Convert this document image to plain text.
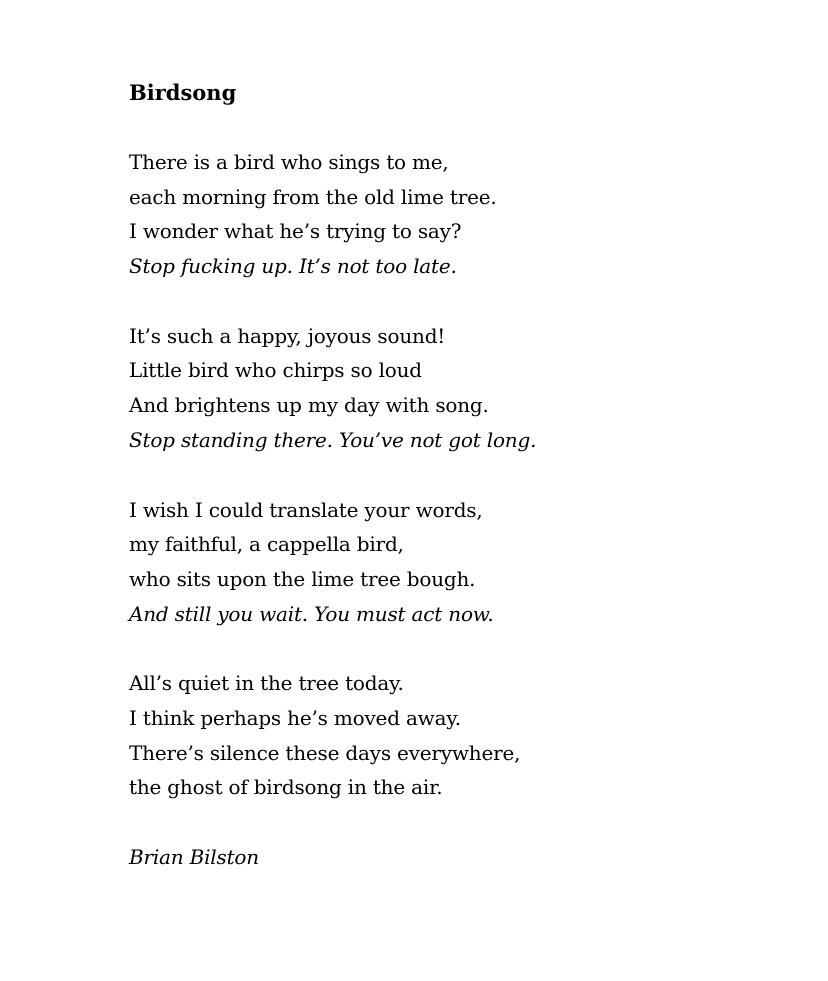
Birdsong
There is a bird who sings to me,
each morning from the old lime tree.
I wonder what he’s trying to say?
Stop fucking up. It’s not too late.
It’s such a happy, joyous sound!
Little bird who chirps so loud
And brightens up my day with song.
Stop standing there. You’ve not got long.
I wish I could translate your words,
my faithful, a cappella bird,
who sits upon the lime tree bough.
And still you wait. You must act now.
All’s quiet in the tree today.
I think perhaps he’s moved away.
There’s silence these days everywhere,
the ghost of birdsong in the air.
Brian Bilston
